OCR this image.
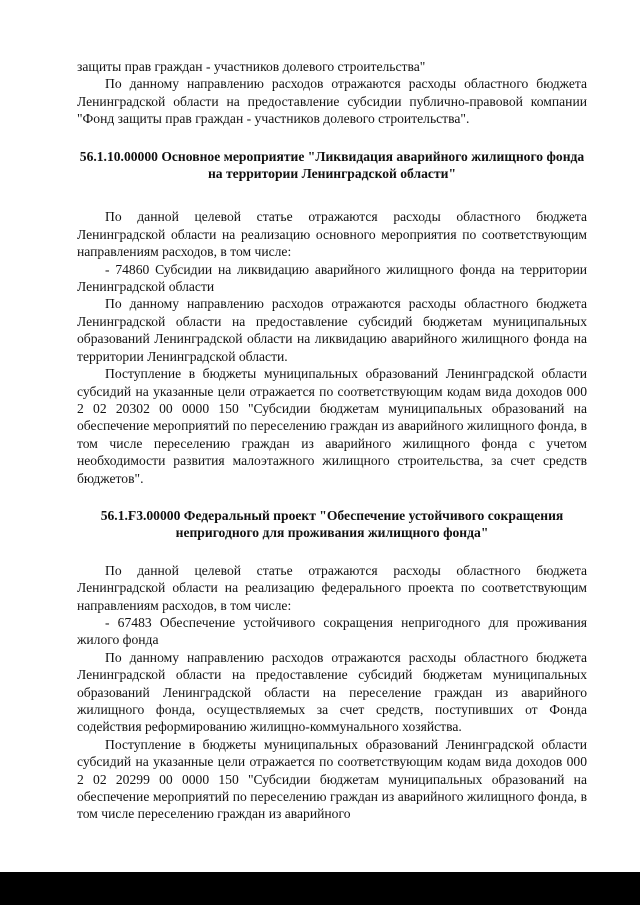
защиты прав граждан - участников долевого строительства"

По данному направлению расходов отражаются расходы областного бюджета Ленинградской области на предоставление субсидии публично-правовой компании "Фонд защиты прав граждан - участников долевого строительства".

56.1.10.00000 Основное мероприятие "Ликвидация аварийного жилищного фонда на территории Ленинградской области"

По данной целевой статье отражаются расходы областного бюджета Ленинградской области на реализацию основного мероприятия по соответствующим направлениям расходов, в том числе:

- 74860 Субсидии на ликвидацию аварийного жилищного фонда на территории Ленинградской области

По данному направлению расходов отражаются расходы областного бюджета Ленинградской области на предоставление субсидий бюджетам муниципальных образований Ленинградской области на ликвидацию аварийного жилищного фонда на территории Ленинградской области.

Поступление в бюджеты муниципальных образований Ленинградской области субсидий на указанные цели отражается по соответствующим кодам вида доходов 000 2 02 20302 00 0000 150 "Субсидии бюджетам муниципальных образований на обеспечение мероприятий по переселению граждан из аварийного жилищного фонда, в том числе переселению граждан из аварийного жилищного фонда с учетом необходимости развития малоэтажного жилищного строительства, за счет средств бюджетов".

56.1.F3.00000 Федеральный проект "Обеспечение устойчивого сокращения непригодного для проживания жилищного фонда"

По данной целевой статье отражаются расходы областного бюджета Ленинградской области на реализацию федерального проекта по соответствующим направлениям расходов, в том числе:

- 67483 Обеспечение устойчивого сокращения непригодного для проживания жилого фонда

По данному направлению расходов отражаются расходы областного бюджета Ленинградской области на предоставление субсидий бюджетам муниципальных образований Ленинградской области на переселение граждан из аварийного жилищного фонда, осуществляемых за счет средств, поступивших от Фонда содействия реформированию жилищно-коммунального хозяйства.

Поступление в бюджеты муниципальных образований Ленинградской области субсидий на указанные цели отражается по соответствующим кодам вида доходов 000 2 02 20299 00 0000 150 "Субсидии бюджетам муниципальных образований на обеспечение мероприятий по переселению граждан из аварийного жилищного фонда, в том числе переселению граждан из аварийного
